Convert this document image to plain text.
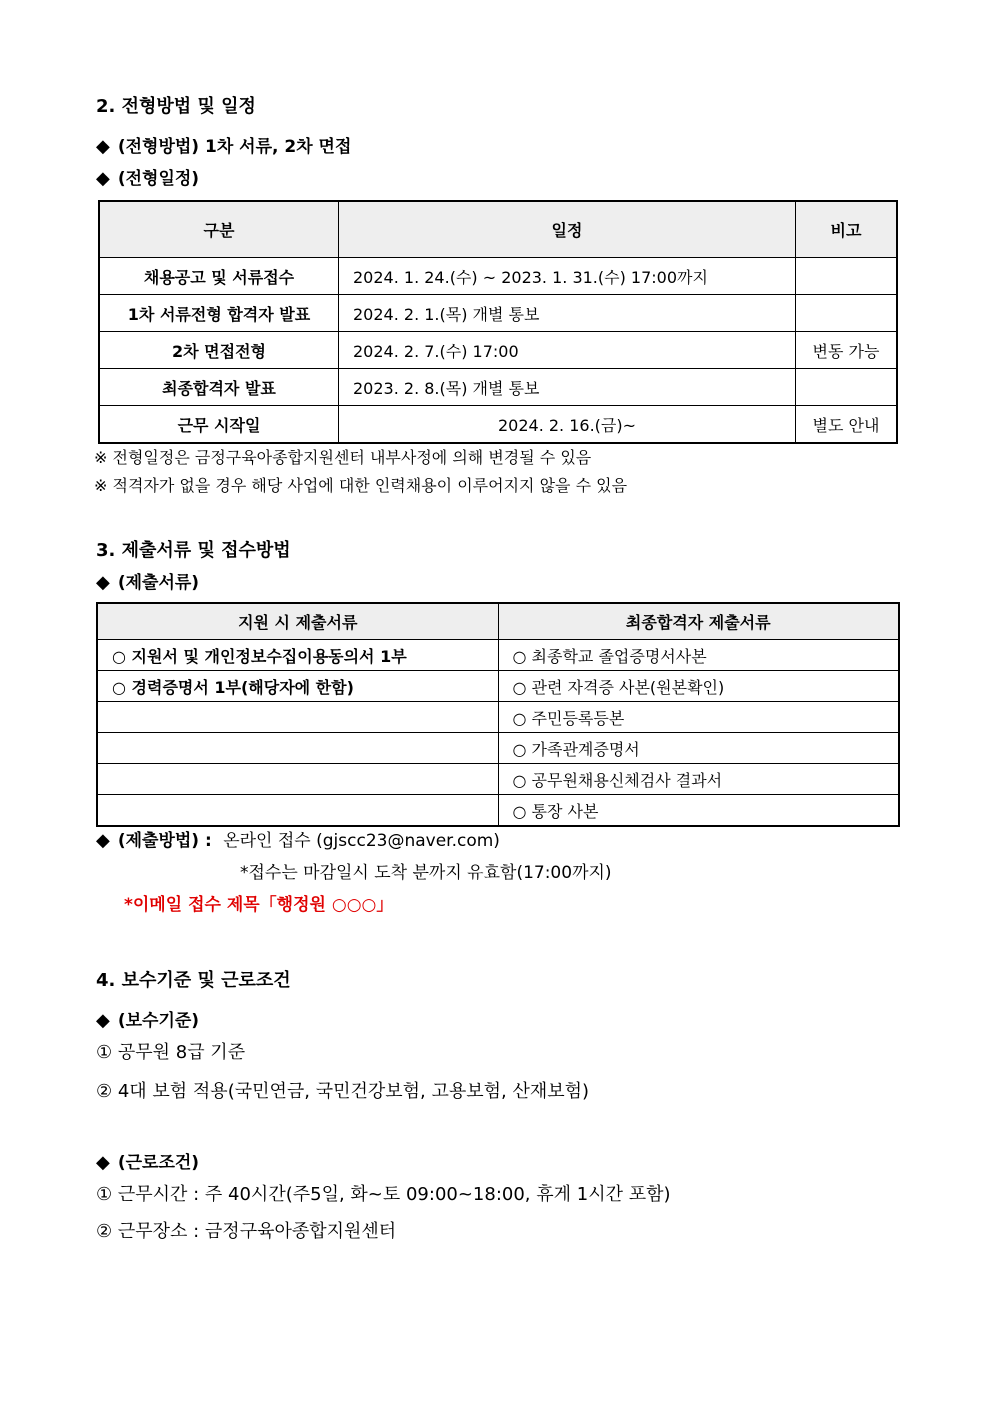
2. 전형방법 및 일정
◆ (전형방법) 1차 서류, 2차 면접
◆ (전형일정)
구분	일정	비고
채용공고 및 서류접수	2024. 1. 24.(수) ~ 2023. 1. 31.(수) 17:00까지	
1차 서류전형 합격자 발표	2024. 2. 1.(목) 개별 통보	
2차 면접전형	2024. 2. 7.(수) 17:00	변동 가능
최종합격자 발표	2023. 2. 8.(목) 개별 통보	
근무 시작일	2024. 2. 16.(금)~	별도 안내
※ 전형일정은 금정구육아종합지원센터 내부사정에 의해 변경될 수 있음
※ 적격자가 없을 경우 해당 사업에 대한 인력채용이 이루어지지 않을 수 있음
3. 제출서류 및 접수방법
◆ (제출서류)
지원 시 제출서류	최종합격자 제출서류
○ 지원서 및 개인정보수집이용동의서 1부	○ 최종학교 졸업증명서사본
○ 경력증명서 1부(해당자에 한함)	○ 관련 자격증 사본(원본확인)
	○ 주민등록등본
	○ 가족관계증명서
	○ 공무원채용신체검사 결과서
	○ 통장 사본
◆ (제출방법) : 온라인 접수 (gjscc23@naver.com)
*접수는 마감일시 도착 분까지 유효함(17:00까지)
*이메일 접수 제목「행정원 ○○○」
4. 보수기준 및 근로조건
◆ (보수기준)
① 공무원 8급 기준
② 4대 보험 적용(국민연금, 국민건강보험, 고용보험, 산재보험)
◆ (근로조건)
① 근무시간 : 주 40시간(주5일, 화~토 09:00~18:00, 휴게 1시간 포함)
② 근무장소 : 금정구육아종합지원센터
